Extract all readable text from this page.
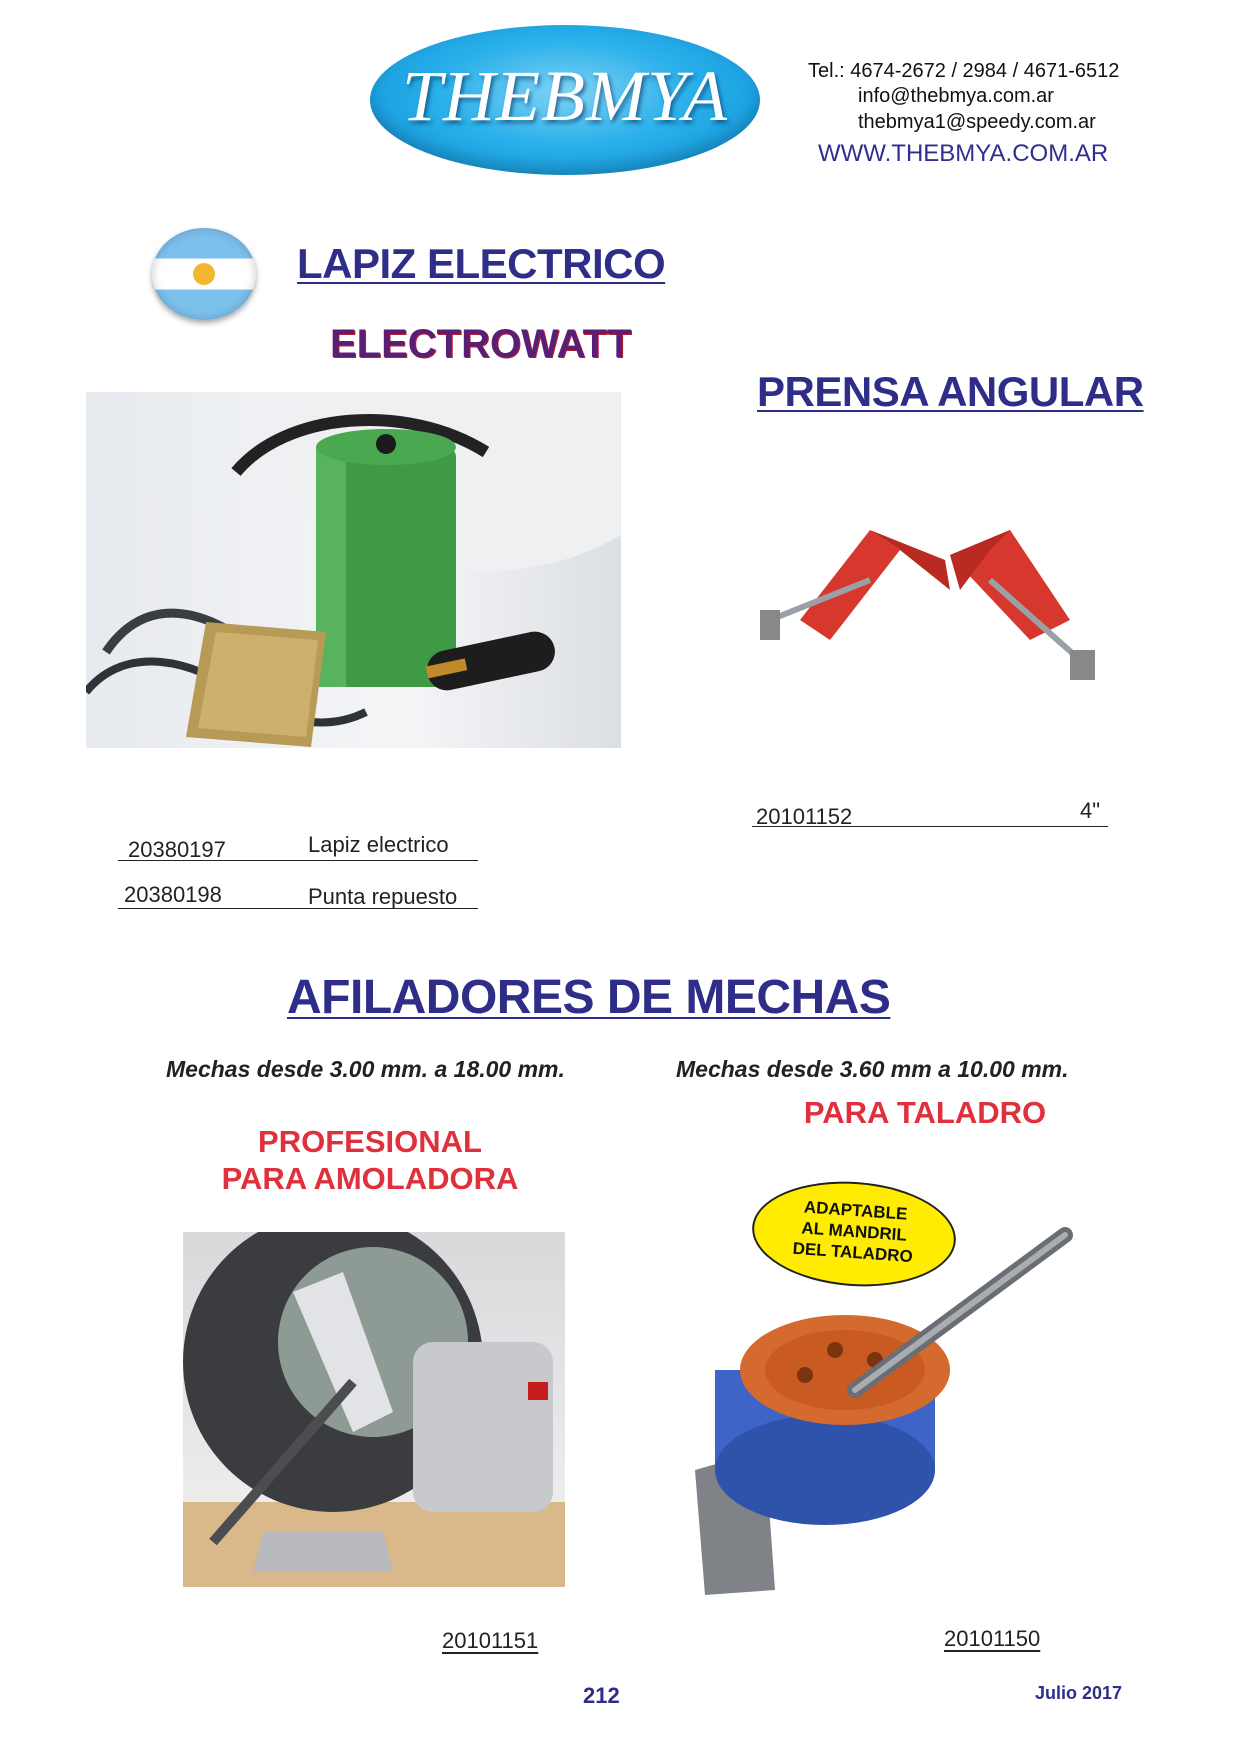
THEBMYA	Tel.: 4674-2672 / 2984 / 4671-6512
info@thebmya.com.ar
thebmya1@speedy.com.ar
WWW.THEBMYA.COM.AR
LAPIZ ELECTRICO
ELECTROWATT
PRENSA ANGULAR
20101152	4"
20380197	Lapiz electrico
20380198	Punta repuesto
AFILADORES DE MECHAS
Mechas desde 3.00 mm. a 18.00 mm.	Mechas desde 3.60 mm a 10.00 mm.
PARA TALADRO
PROFESIONAL
PARA AMOLADORA
ADAPTABLE
AL MANDRIL
DEL TALADRO
20101151	20101150
212	Julio 2017
